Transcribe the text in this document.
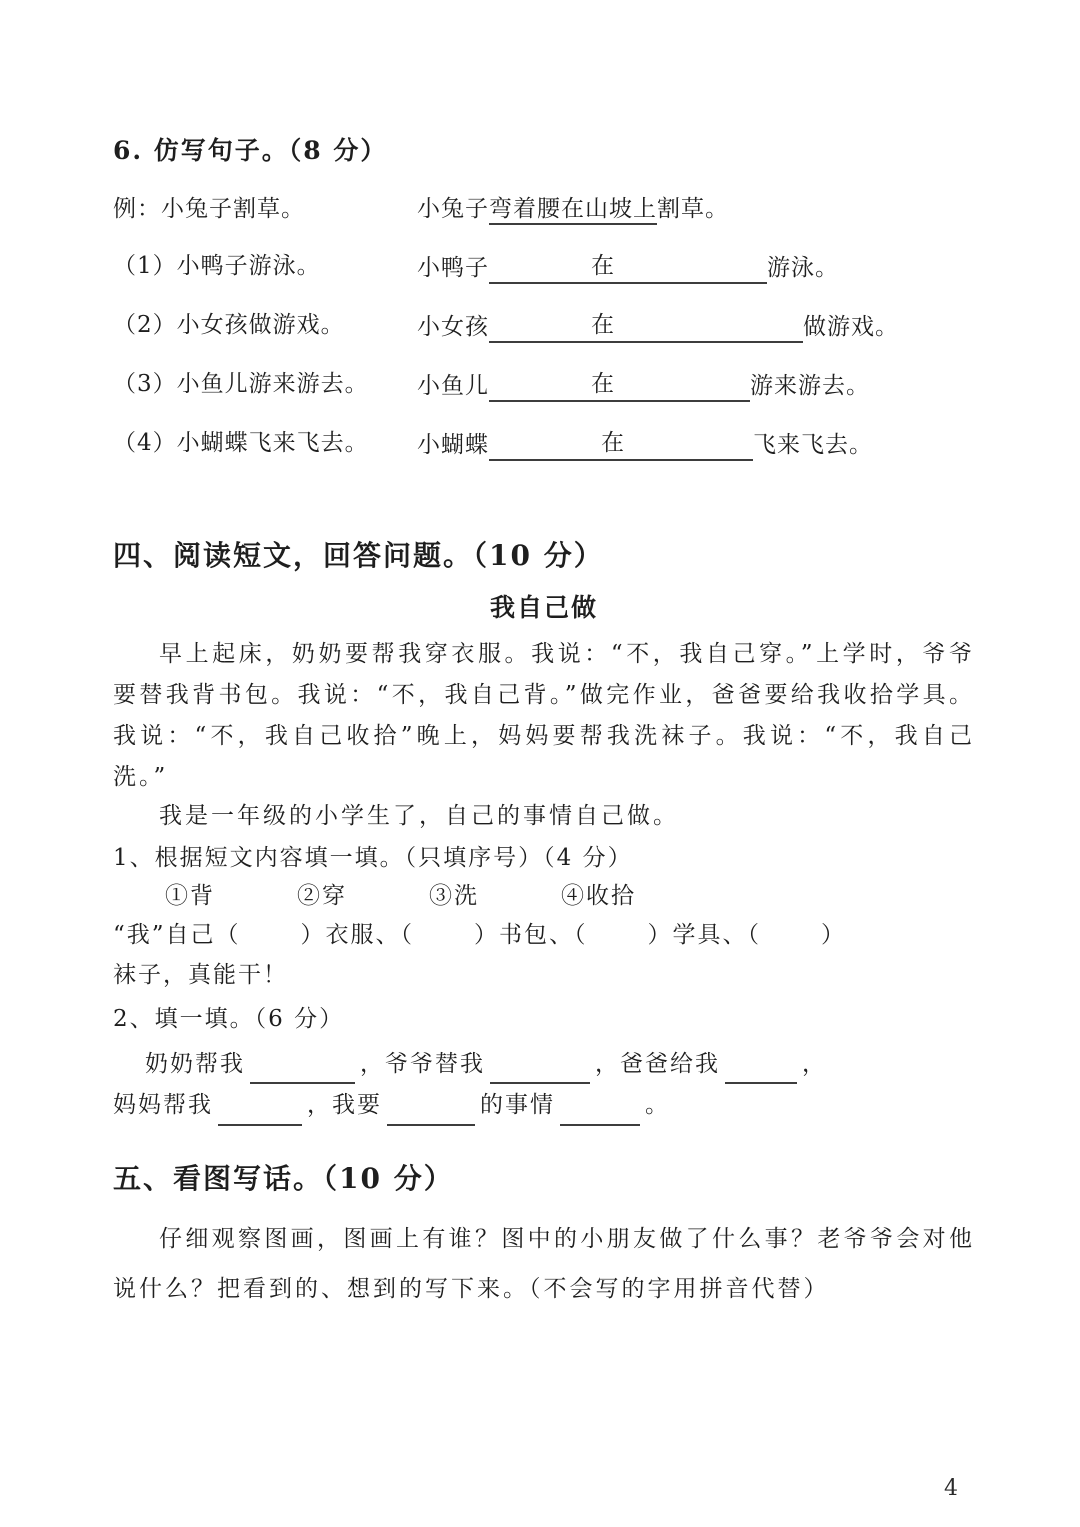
6. 仿写句子。（8 分）
例：小兔子割草。	小兔子弯着腰在山坡上割草。
（1）小鸭子游泳。	小鸭子	在	游泳。
（2）小女孩做游戏。	小女孩	在	做游戏。
（3）小鱼儿游来游去。	小鱼儿	在	游来游去。
（4）小蝴蝶飞来飞去。	小蝴蝶	在	飞来飞去。
四、阅读短文，回答问题。（10 分）
我自己做
早上起床，奶奶要帮我穿衣服。我说：“不，我自己穿。”上学时，爷爷要替我背书包。我说：“不，我自己背。”做完作业，爸爸要给我收拾学具。我说：“不，我自己收拾”晚上，妈妈要帮我洗袜子。我说：“不，我自己洗。”
我是一年级的小学生了，自己的事情自己做。
1、根据短文内容填一填。（只填序号）（4 分）
①背	②穿	③洗	④收拾
“我”自己（	）衣服、（	）书包、（	）学具、（	）
袜子，真能干！
2、填一填。（6 分）
奶奶帮我	，爷爷替我	，爸爸给我	，
妈妈帮我	，我要	的事情	。
五、看图写话。（10 分）
仔细观察图画，图画上有谁？图中的小朋友做了什么事？老爷爷会对他说什么？把看到的、想到的写下来。（不会写的字用拼音代替）
4
